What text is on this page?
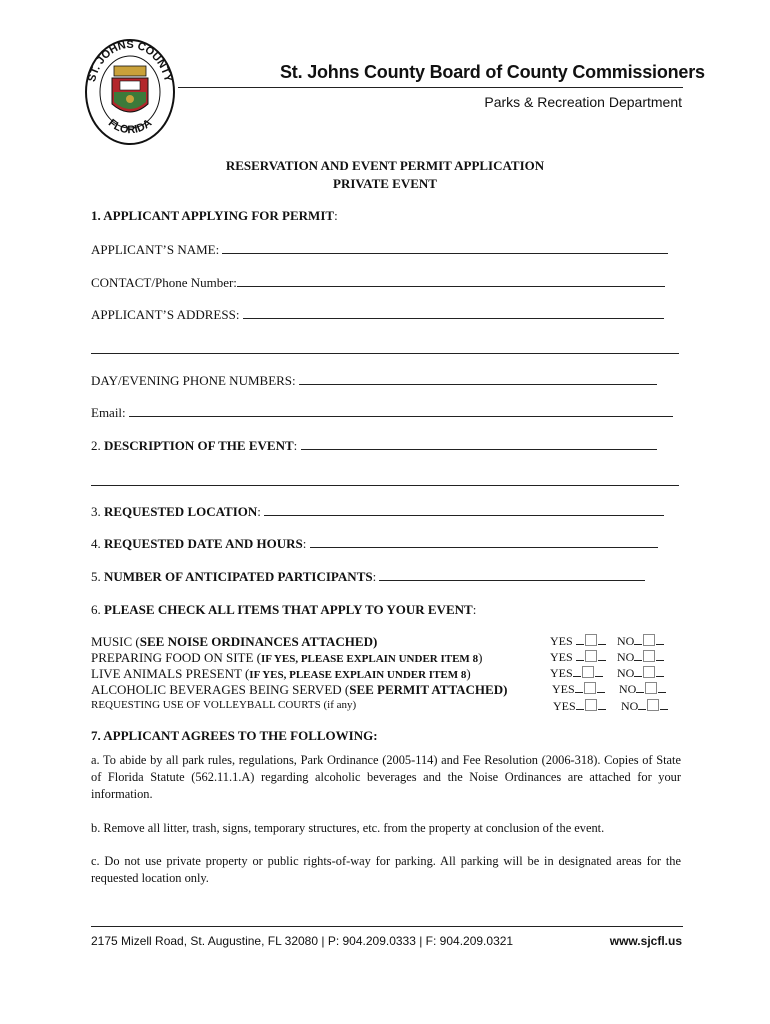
ST. JOHNS COUNTY
FLORIDA
St. Johns County Board of County Commissioners
Parks & Recreation Department
RESERVATION AND EVENT PERMIT APPLICATION
PRIVATE EVENT
1. APPLICANT APPLYING FOR PERMIT:
APPLICANT’S NAME:
CONTACT/Phone Number:
APPLICANT’S ADDRESS:
DAY/EVENING PHONE NUMBERS:
Email:
2. DESCRIPTION OF THE EVENT:
3. REQUESTED LOCATION:
4. REQUESTED DATE AND HOURS:
5. NUMBER OF ANTICIPATED PARTICIPANTS:
6. PLEASE CHECK ALL ITEMS THAT APPLY TO YOUR EVENT:
MUSIC (SEE NOISE ORDINANCES ATTACHED)	YES	NO
PREPARING FOOD ON SITE (IF YES, PLEASE EXPLAIN UNDER ITEM 8)	YES	NO
LIVE ANIMALS PRESENT (IF YES, PLEASE EXPLAIN UNDER ITEM 8)	YES	NO
ALCOHOLIC BEVERAGES BEING SERVED (SEE PERMIT ATTACHED)	YES	NO
REQUESTING USE OF VOLLEYBALL COURTS (if any)	YES	NO
7. APPLICANT AGREES TO THE FOLLOWING:
a. To abide by all park rules, regulations, Park Ordinance (2005-114) and Fee Resolution (2006-318). Copies of State of Florida Statute (562.11.1.A) regarding alcoholic beverages and the Noise Ordinances are attached for your information.
b. Remove all litter, trash, signs, temporary structures, etc. from the property at conclusion of the event.
c. Do not use private property or public rights-of-way for parking. All parking will be in designated areas for the requested location only.
2175 Mizell Road, St. Augustine, FL 32080 | P: 904.209.0333 | F: 904.209.0321	www.sjcfl.us
